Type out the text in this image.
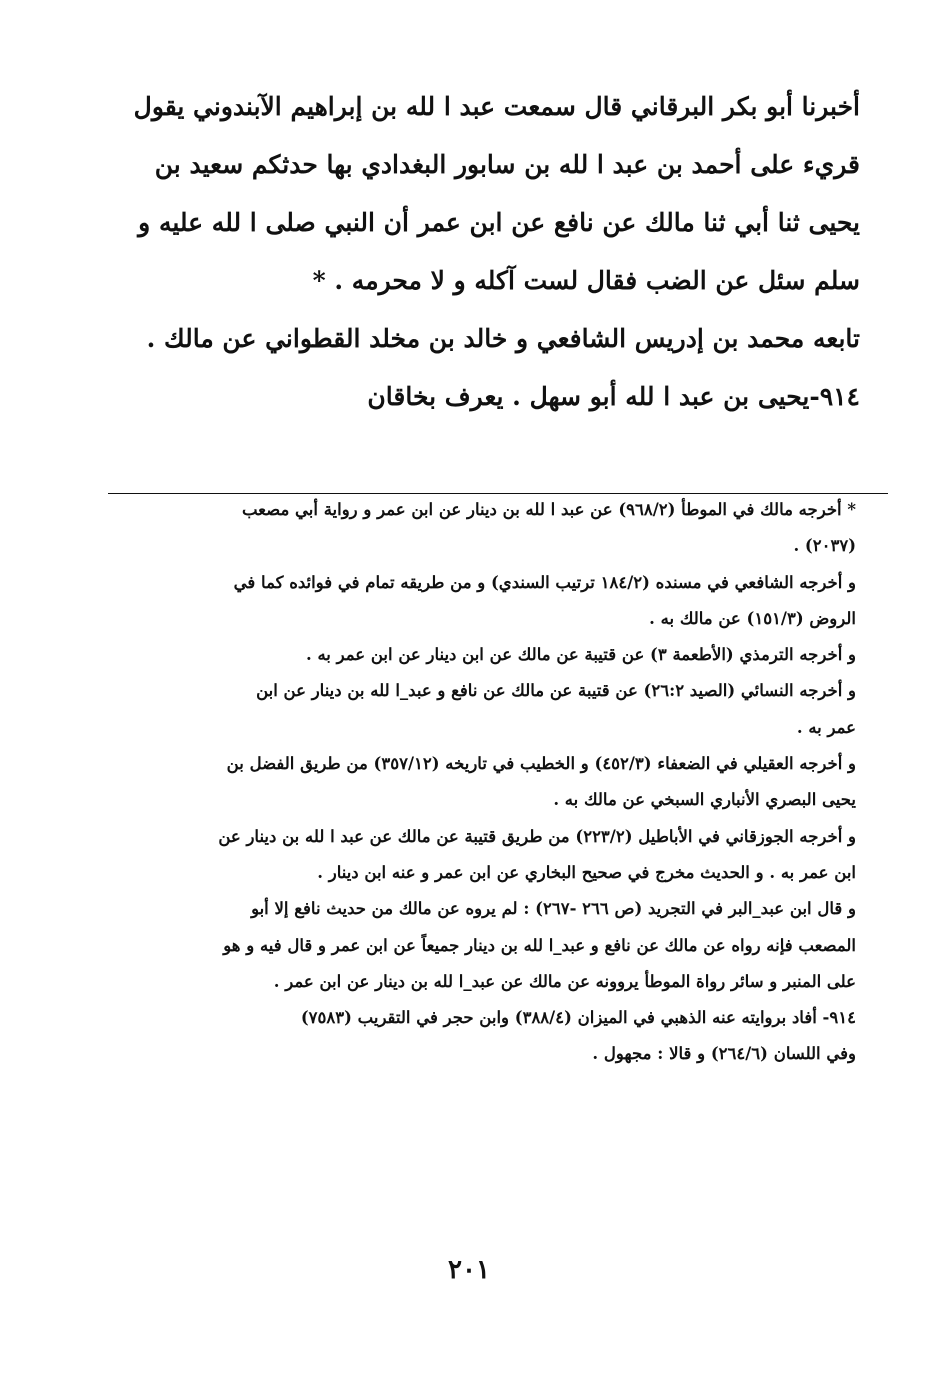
أخبرنا أبو بكر البرقاني قال سمعت عبد ا لله بن إبراهيم الآبندوني يقول
قريء على أحمد بن عبد ا لله بن سابور البغدادي بها حدثكم سعيد بن
يحيى ثنا أبي ثنا مالك عن نافع عن ابن عمر أن النبي صلى ا لله عليه و
سلم سئل عن الضب فقال لست آكله و لا محرمه . *
تابعه محمد بن إدريس الشافعي و خالد بن مخلد القطواني عن مالك .
٩١٤-يحيى بن عبد ا لله أبو سهل . يعرف بخاقان
* أخرجه مالك في الموطأ (٩٦٨/٢) عن عبد ا لله بن دينار عن ابن عمر و رواية أبي مصعب
(٢٠٣٧) .
و أخرجه الشافعي في مسنده (١٨٤/٢ ترتيب السندي) و من طريقه تمام في فوائده كما في
الروض (١٥١/٣) عن مالك به .
و أخرجه الترمذي (الأطعمة ٣) عن قتيبة عن مالك عن ابن دينار عن ابن عمر به .
و أخرجه النسائي (الصيد ٢٦:٢) عن قتيبة عن مالك عن نافع و عبد_ا لله بن دينار عن ابن
عمر به .
و أخرجه العقيلي في الضعفاء (٤٥٢/٣) و الخطيب في تاريخه (٣٥٧/١٢) من طريق الفضل بن
يحيى البصري الأنباري السبخي عن مالك به .
و أخرجه الجوزقاني في الأباطيل (٢٢٣/٢) من طريق قتيبة عن مالك عن عبد ا لله بن دينار عن
ابن عمر به . و الحديث مخرج في صحيح البخاري عن ابن عمر و عنه ابن دينار .
و قال ابن عبد_البر في التجريد (ص ٢٦٦ -٢٦٧) : لم يروه عن مالك من حديث نافع إلا أبو
المصعب فإنه رواه عن مالك عن نافع و عبد_ا لله بن دينار جميعاً عن ابن عمر و قال فيه و هو
على المنبر و سائر رواة الموطأ يروونه عن مالك عن عبد_ا لله بن دينار عن ابن عمر .
٩١٤- أفاد بروايته عنه الذهبي في الميزان (٣٨٨/٤) وابن حجر في التقريب (٧٥٨٣)
وفي اللسان (٢٦٤/٦) و قالا : مجهول .
٢٠١
